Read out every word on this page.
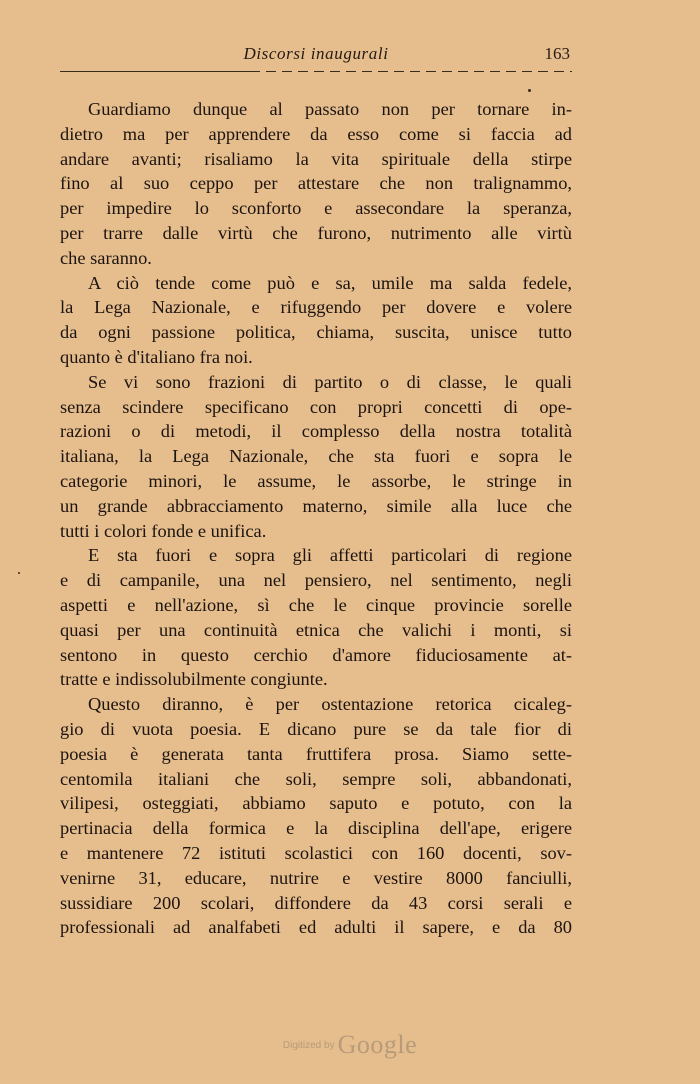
Discorsi inaugurali	163
Guardiamo dunque al passato non per tornare in-
dietro ma per apprendere da esso come si faccia ad
andare avanti; risaliamo la vita spirituale della stirpe
fino al suo ceppo per attestare che non tralignammo,
per impedire lo sconforto e assecondare la speranza,
per trarre dalle virtù che furono, nutrimento alle virtù
che saranno.
A ciò tende come può e sa, umile ma salda fedele,
la Lega Nazionale, e rifuggendo per dovere e volere
da ogni passione politica, chiama, suscita, unisce tutto
quanto è d'italiano fra noi.
Se vi sono frazioni di partito o di classe, le quali
senza scindere specificano con propri concetti di ope-
razioni o di metodi, il complesso della nostra totalità
italiana, la Lega Nazionale, che sta fuori e sopra le
categorie minori, le assume, le assorbe, le stringe in
un grande abbracciamento materno, simile alla luce che
tutti i colori fonde e unifica.
E sta fuori e sopra gli affetti particolari di regione
e di campanile, una nel pensiero, nel sentimento, negli
aspetti e nell'azione, sì che le cinque provincie sorelle
quasi per una continuità etnica che valichi i monti, si
sentono in questo cerchio d'amore fiduciosamente at-
tratte e indissolubilmente congiunte.
Questo diranno, è per ostentazione retorica cicaleg-
gio di vuota poesia. E dicano pure se da tale fior di
poesia è generata tanta fruttifera prosa. Siamo sette-
centomila italiani che soli, sempre soli, abbandonati,
vilipesi, osteggiati, abbiamo saputo e potuto, con la
pertinacia della formica e la disciplina dell'ape, erigere
e mantenere 72 istituti scolastici con 160 docenti, sov-
venirne 31, educare, nutrire e vestire 8000 fanciulli,
sussidiare 200 scolari, diffondere da 43 corsi serali e
professionali ad analfabeti ed adulti il sapere, e da 80
Digitized by Google
